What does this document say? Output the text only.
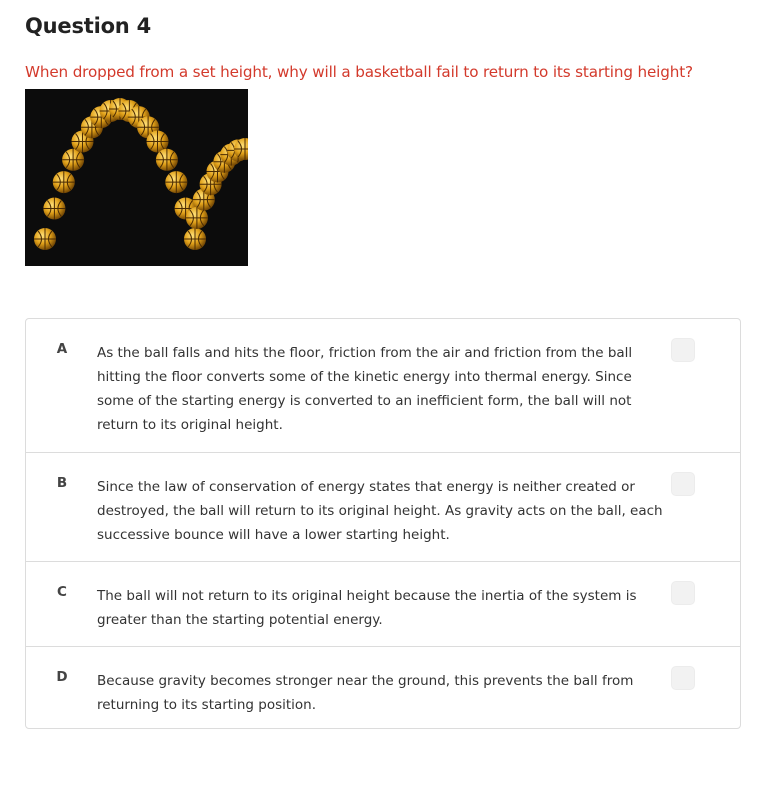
Question 4

When dropped from a set height, why will a basketball fail to return to its starting height?

A As the ball falls and hits the floor, friction from the air and friction from the ball hitting the floor converts some of the kinetic energy into thermal energy. Since some of the starting energy is converted to an inefficient form, the ball will not return to its original height.

B Since the law of conservation of energy states that energy is neither created or destroyed, the ball will return to its original height. As gravity acts on the ball, each successive bounce will have a lower starting height.

C The ball will not return to its original height because the inertia of the system is greater than the starting potential energy.

D Because gravity becomes stronger near the ground, this prevents the ball from returning to its starting position.
